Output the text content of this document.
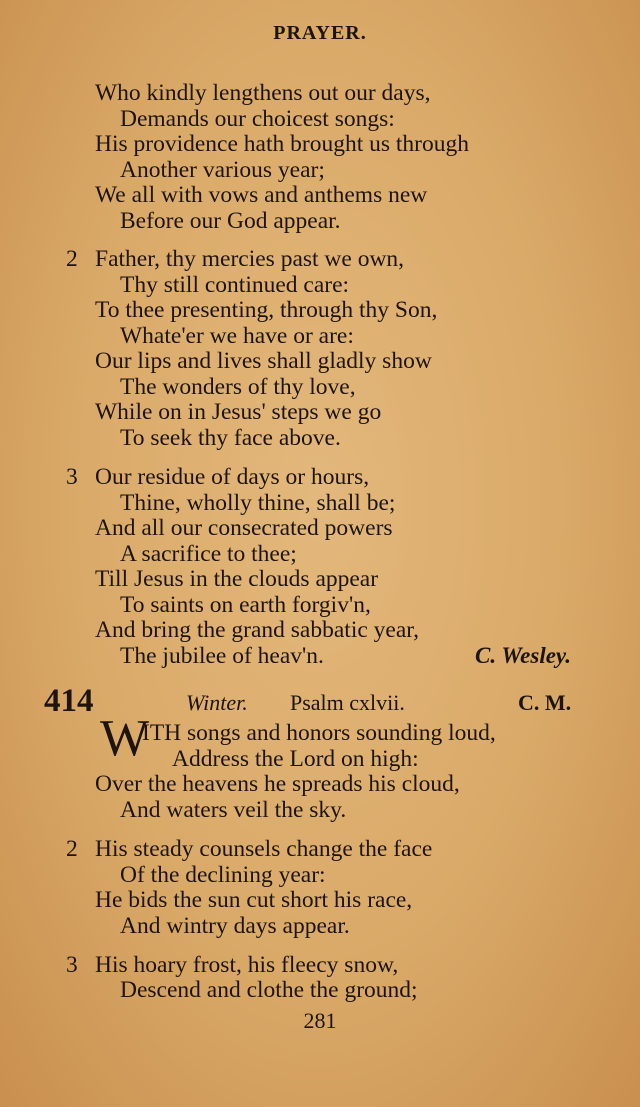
PRAYER.
Who kindly lengthens out our days,
Demands our choicest songs:
His providence hath brought us through
Another various year;
We all with vows and anthems new
Before our God appear.
2 Father, thy mercies past we own,
Thy still continued care:
To thee presenting, through thy Son,
Whate'er we have or are:
Our lips and lives shall gladly show
The wonders of thy love,
While on in Jesus' steps we go
To seek thy face above.
3 Our residue of days or hours,
Thine, wholly thine, shall be;
And all our consecrated powers
A sacrifice to thee;
Till Jesus in the clouds appear
To saints on earth forgiv'n,
And bring the grand sabbatic year,
The jubilee of heav'n.	C. Wesley.
414	Winter. Psalm cxlvii.	C. M.
W
ITH songs and honors sounding loud,
Address the Lord on high:
Over the heavens he spreads his cloud,
And waters veil the sky.
2 His steady counsels change the face
Of the declining year:
He bids the sun cut short his race,
And wintry days appear.
3 His hoary frost, his fleecy snow,
Descend and clothe the ground;
281
